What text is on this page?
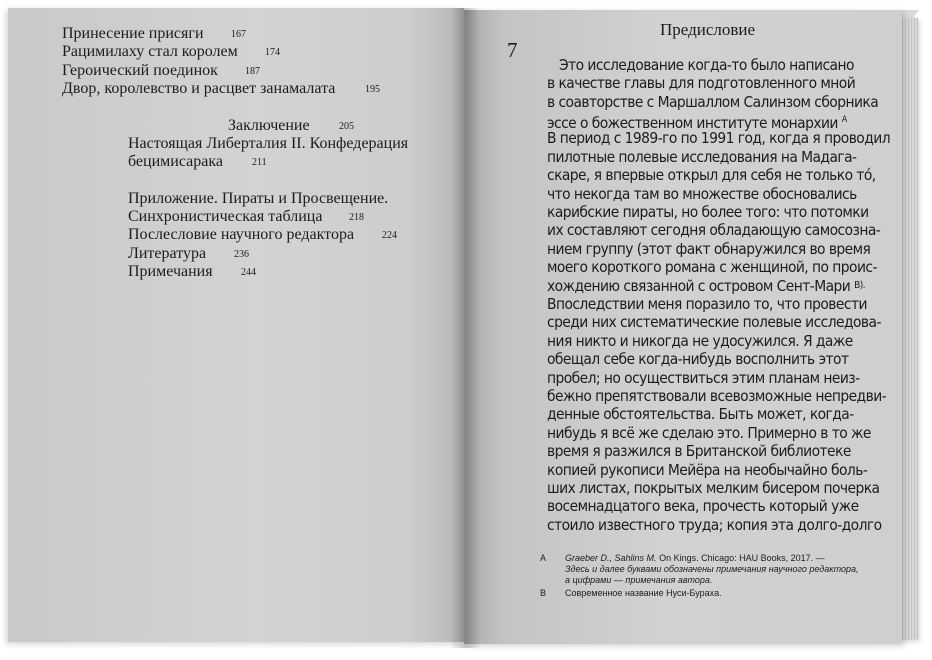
Принесение присяги	167
Рацимилаху стал королем	174
Героический поединок	187
Двор, королевство и расцвет занамалата	195
Заключение	205
Настоящая Либерталия II. Конфедерация
бецимисарака	211
Приложение. Пираты и Просвещение.
Синхронистическая таблица	218
Послесловие научного редактора	224
Литература	236
Примечания	244
Предисловие
7
Это исследование когда-то было написано
в качестве главы для подготовленного мной
в соавторстве с Маршаллом Салинзом сборника
эссе о божественном институте монархии $^A$
В период с 1989-го по 1991 год, когда я проводил
пилотные полевые исследования на Мадага-
скаре, я впервые открыл для себя не только то́,
что некогда там во множестве обосновались
карибские пираты, но более того: что потомки
их составляют сегодня обладающую самосозна-
нием группу (этот факт обнаружился во время
моего короткого романа с женщиной, по проис-
хождению связанной с островом Сент-Мари B).
Впоследствии меня поразило то, что провести
среди них систематические полевые исследова-
ния никто и никогда не удосужился. Я даже
обещал себе когда-нибудь восполнить этот
пробел; но осуществиться этим планам неиз-
бежно препятствовали всевозможные непредви-
денные обстоятельства. Быть может, когда-
нибудь я всё же сделаю это. Примерно в то же
время я разжился в Британской библиотеке
копией рукописи Мейёра на необычайно боль-
ших листах, покрытых мелким бисером почерка
восемнадцатого века, прочесть который уже
стоило известного труда; копия эта долго-долго
A Graeber D., Sahlins M. On Kings. Chicago: HAU Books, 2017. —
Здесь и далее буквами обозначены примечания научного редактора,
а цифрами — примечания автора.
B Современное название Нуси-Бураха.
